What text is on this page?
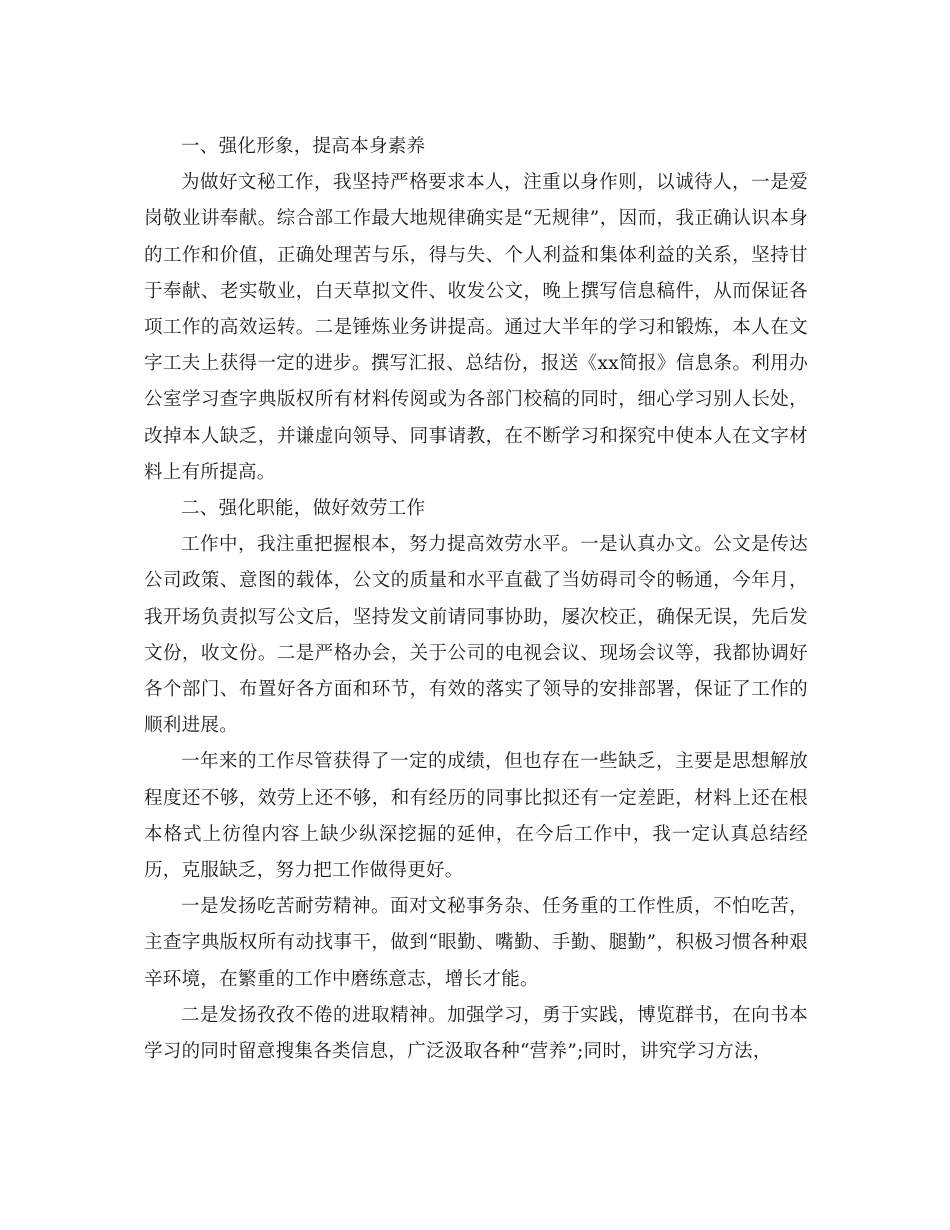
一、强化形象，提高本身素养

为做好文秘工作，我坚持严格要求本人，注重以身作则，以诚待人，一是爱岗敬业讲奉献。综合部工作最大地规律确实是“无规律”，因而，我正确认识本身的工作和价值，正确处理苦与乐，得与失、个人利益和集体利益的关系，坚持甘于奉献、老实敬业，白天草拟文件、收发公文，晚上撰写信息稿件，从而保证各项工作的高效运转。二是锤炼业务讲提高。通过大半年的学习和锻炼，本人在文字工夫上获得一定的进步。撰写汇报、总结份，报送《xx简报》信息条。利用办公室学习查字典版权所有材料传阅或为各部门校稿的同时，细心学习别人长处，改掉本人缺乏，并谦虚向领导、同事请教，在不断学习和探究中使本人在文字材料上有所提高。

二、强化职能，做好效劳工作

工作中，我注重把握根本，努力提高效劳水平。一是认真办文。公文是传达公司政策、意图的载体，公文的质量和水平直截了当妨碍司令的畅通，今年月，我开场负责拟写公文后，坚持发文前请同事协助，屡次校正，确保无误，先后发文份，收文份。二是严格办会，关于公司的电视会议、现场会议等，我都协调好各个部门、布置好各方面和环节，有效的落实了领导的安排部署，保证了工作的顺利进展。

一年来的工作尽管获得了一定的成绩，但也存在一些缺乏，主要是思想解放程度还不够，效劳上还不够，和有经历的同事比拟还有一定差距，材料上还在根本格式上彷徨内容上缺少纵深挖掘的延伸，在今后工作中，我一定认真总结经历，克服缺乏，努力把工作做得更好。

一是发扬吃苦耐劳精神。面对文秘事务杂、任务重的工作性质，不怕吃苦，主查字典版权所有动找事干，做到“眼勤、嘴勤、手勤、腿勤”，积极习惯各种艰辛环境，在繁重的工作中磨练意志，增长才能。

二是发扬孜孜不倦的进取精神。加强学习，勇于实践，博览群书，在向书本学习的同时留意搜集各类信息，广泛汲取各种“营养”;同时，讲究学习方法，
